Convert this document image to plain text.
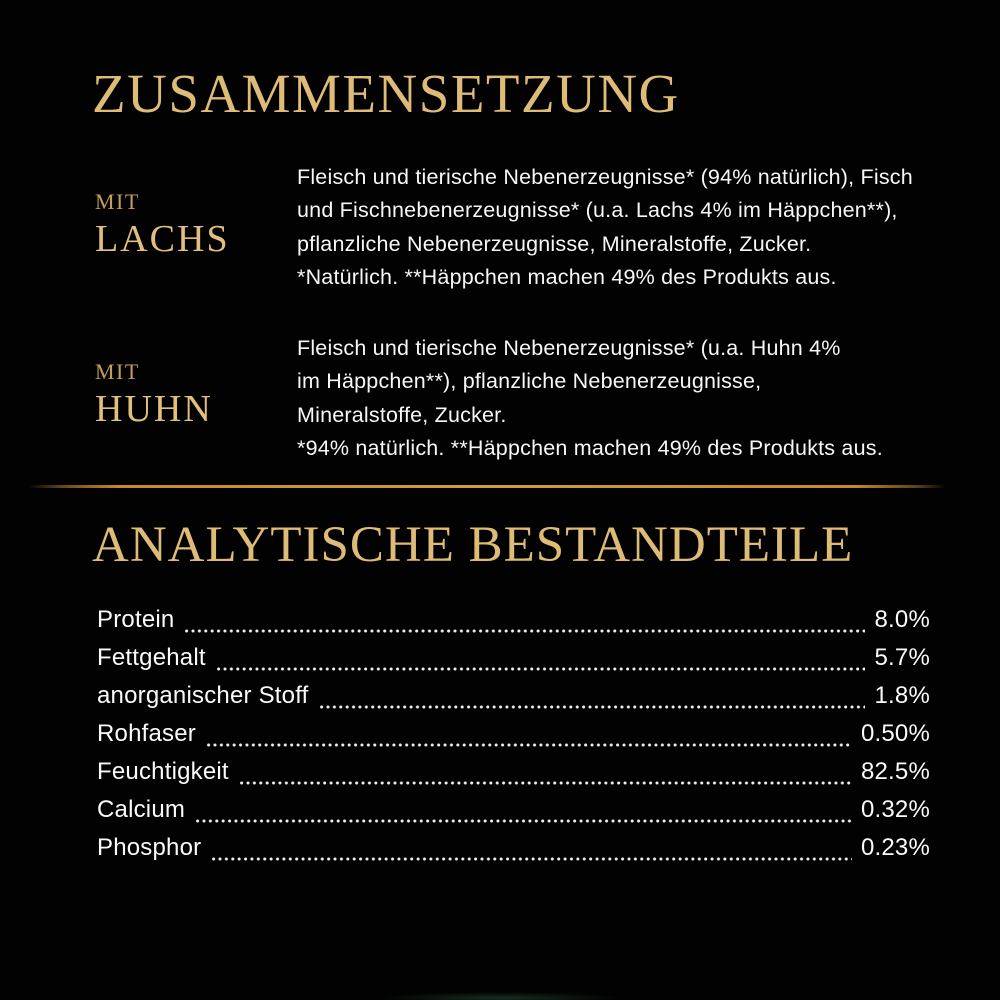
ZUSAMMENSETZUNG
MIT
LACHS
Fleisch und tierische Nebenerzeugnisse* (94% natürlich), Fisch
und Fischnebenerzeugnisse* (u.a. Lachs 4% im Häppchen**),
pflanzliche Nebenerzeugnisse, Mineralstoffe, Zucker.
*Natürlich. **Häppchen machen 49% des Produkts aus.
MIT
HUHN
Fleisch und tierische Nebenerzeugnisse* (u.a. Huhn 4%
im Häppchen**), pflanzliche Nebenerzeugnisse,
Mineralstoffe, Zucker.
*94% natürlich. **Häppchen machen 49% des Produkts aus.
ANALYTISCHE BESTANDTEILE
Protein	8.0%
Fettgehalt	5.7%
anorganischer Stoff	1.8%
Rohfaser	0.50%
Feuchtigkeit	82.5%
Calcium	0.32%
Phosphor	0.23%
